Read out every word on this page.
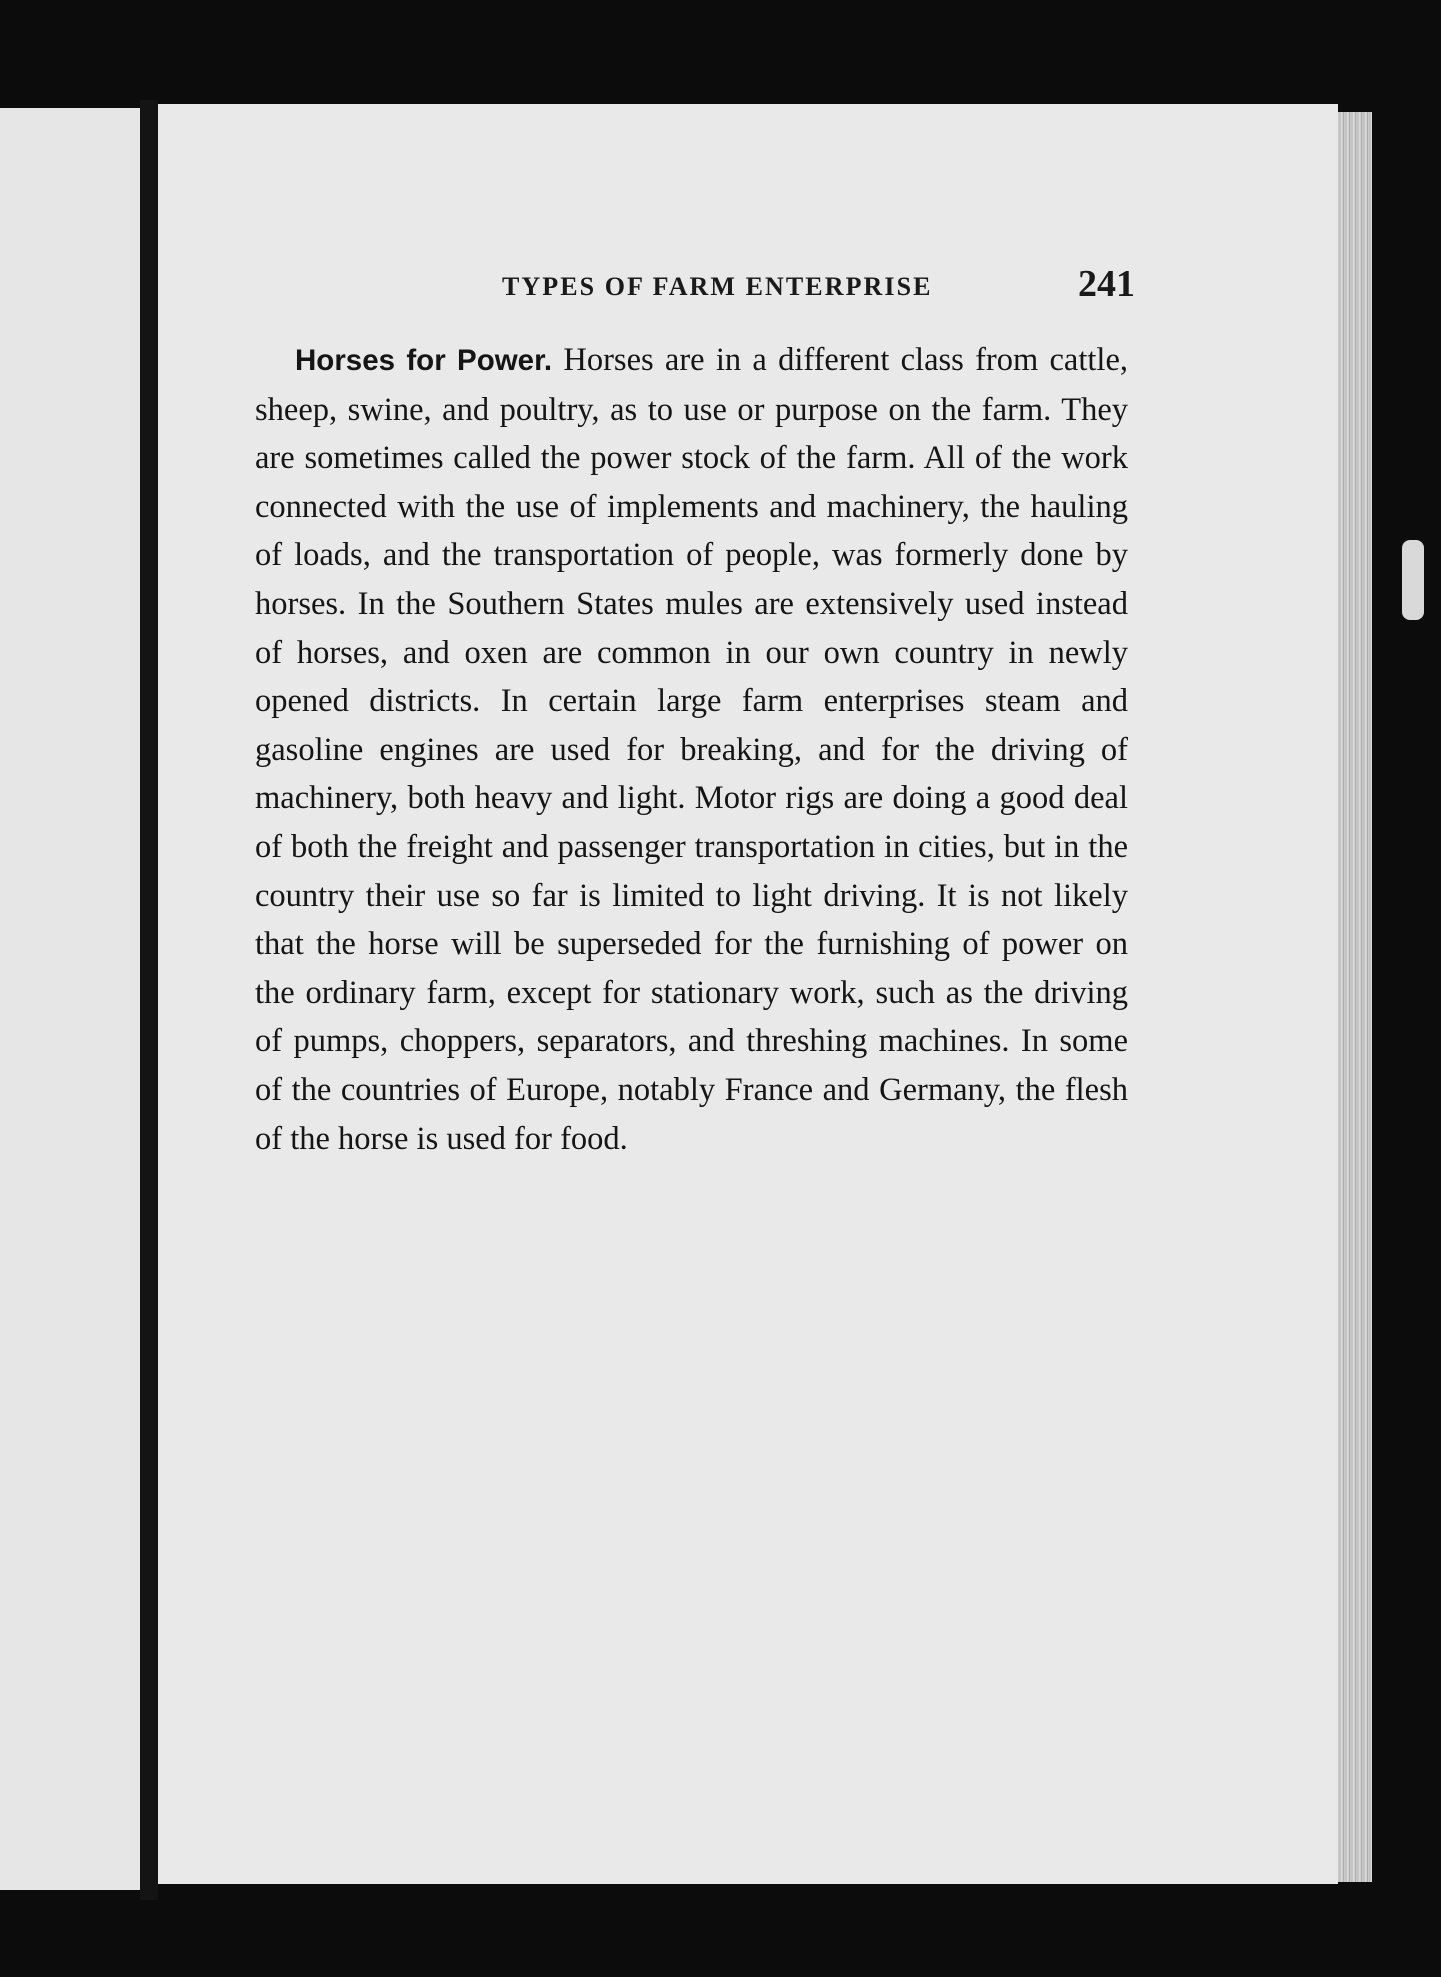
TYPES OF FARM ENTERPRISE	241

Horses for Power. Horses are in a different class from cattle, sheep, swine, and poultry, as to use or purpose on the farm. They are sometimes called the power stock of the farm. All of the work connected with the use of implements and machinery, the hauling of loads, and the transportation of people, was formerly done by horses. In the Southern States mules are extensively used instead of horses, and oxen are common in our own country in newly opened districts. In certain large farm enterprises steam and gasoline engines are used for breaking, and for the driving of machinery, both heavy and light. Motor rigs are doing a good deal of both the freight and passenger transportation in cities, but in the country their use so far is limited to light driving. It is not likely that the horse will be superseded for the furnishing of power on the ordinary farm, except for stationary work, such as the driving of pumps, choppers, separators, and threshing machines. In some of the countries of Europe, notably France and Germany, the flesh of the horse is used for food.
